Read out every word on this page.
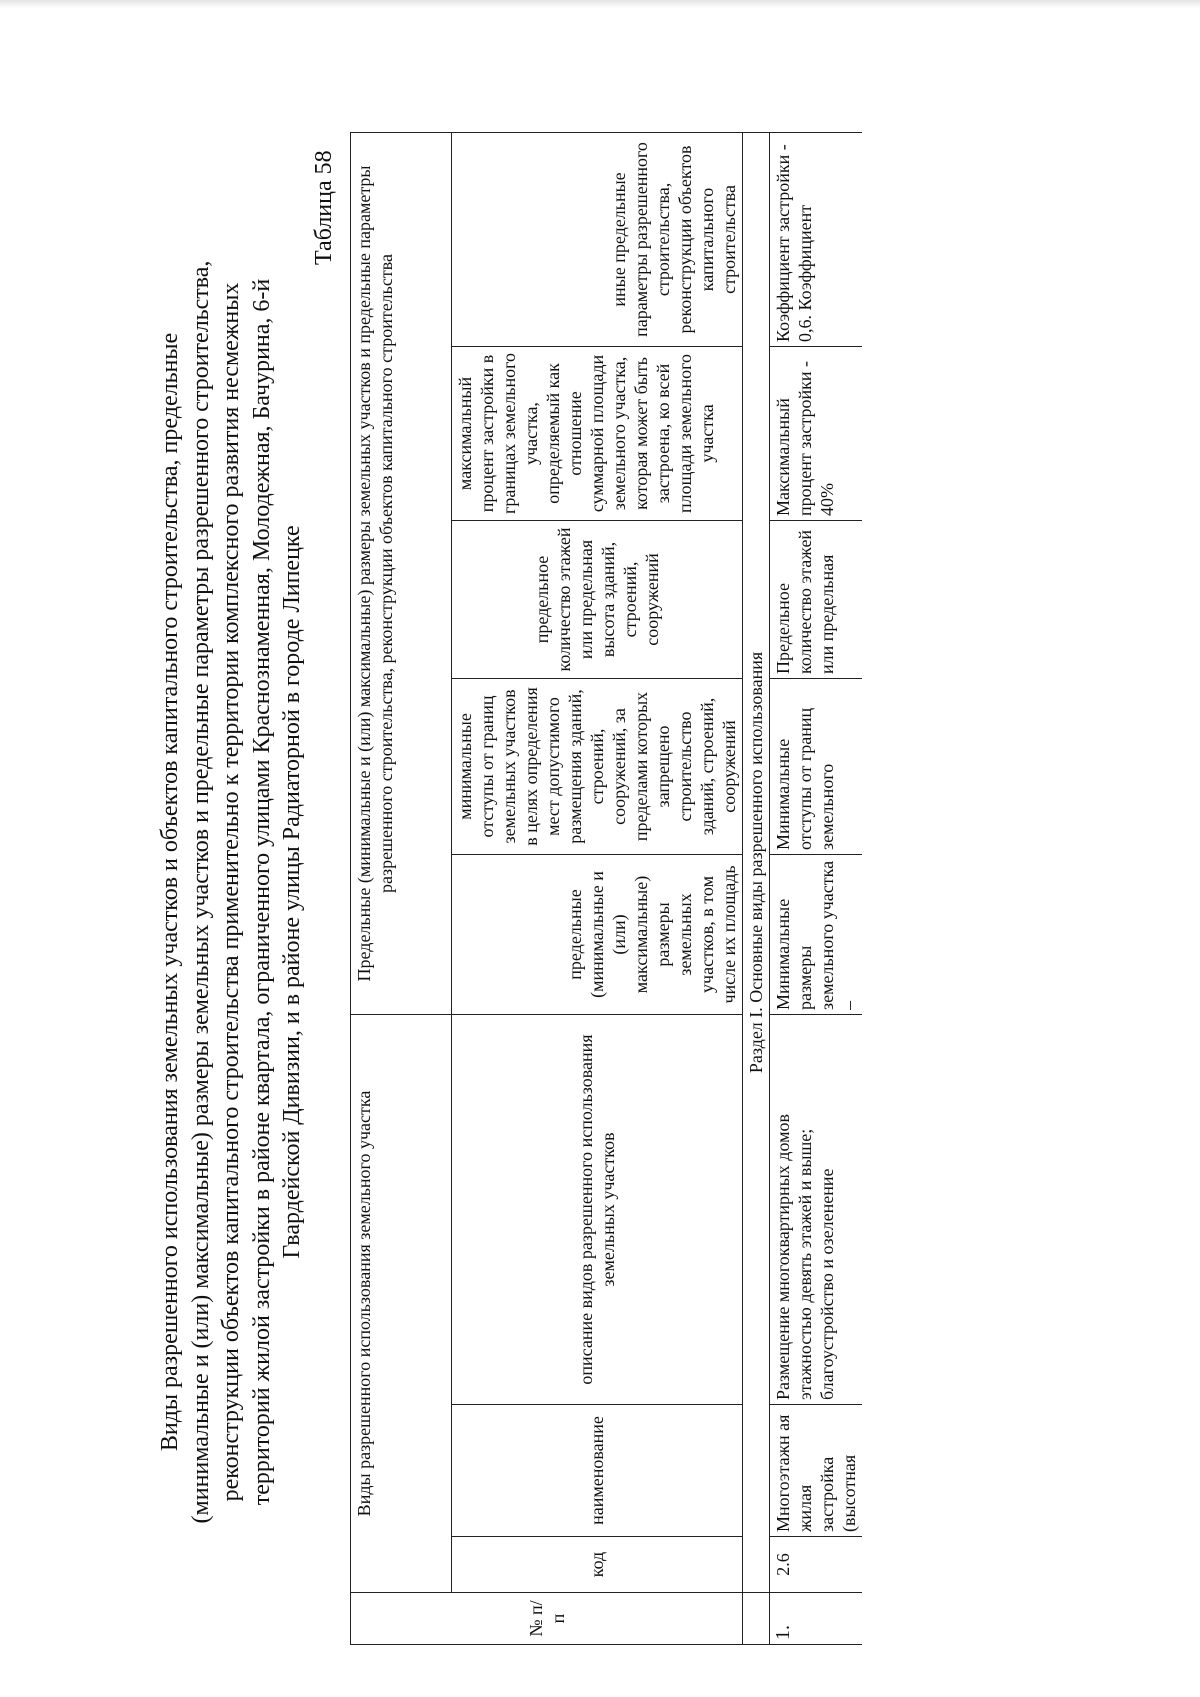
Виды разрешенного использования земельных участков и объектов капитального строительства, предельные (минимальные и (или) максимальные) размеры земельных участков и предельные параметры разрешенного строительства, реконструкции объектов капитального строительства применительно к территории комплексного развития несмежных территорий жилой застройки в районе квартала, ограниченного улицами Краснознаменная, Молодежная, Бачурина, 6-й Гвардейской Дивизии, и в районе улицы Радиаторной в городе Липецке
Таблица 58
№ п/п	Виды разрешенного использования земельного участка			Предельные (минимальные и (или) максимальные) размеры земельных участков и предельные параметры разрешенного строительства, реконструкции объектов капитального строительства				
	код	наименование	описание видов разрешенного использования земельных участков	предельные (минимальные и (или) максимальные) размеры земельных участков, в том числе их площадь	минимальные отступы от границ земельных участков в целях определения мест допустимого размещения зданий, строений, сооружений, за пределами которых запрещено строительство зданий, строений, сооружений	предельное количество этажей или предельная высота зданий, строений, сооружений	максимальный процент застройки в границах земельного участка, определяемый как отношение суммарной площади земельного участка, которая может быть застроена, ко всей площади земельного участка	иные предельные параметры разрешенного строительства, реконструкции объектов капитального строительства
	Раздел I. Основные виды разрешенного использования							

1.	2.6	Многоэтажн ая жилая застройка (высотная	Размещение многоквартирных домов этажностью девять этажей и выше; благоустройство и озеленение	Минимальные размеры земельного участка –	Минимальные отступы от границ земельного	Предельное количество этажей или предельная	Максимальный процент застройки - 40%	Коэффициент застройки - 0,6. Коэффициент
